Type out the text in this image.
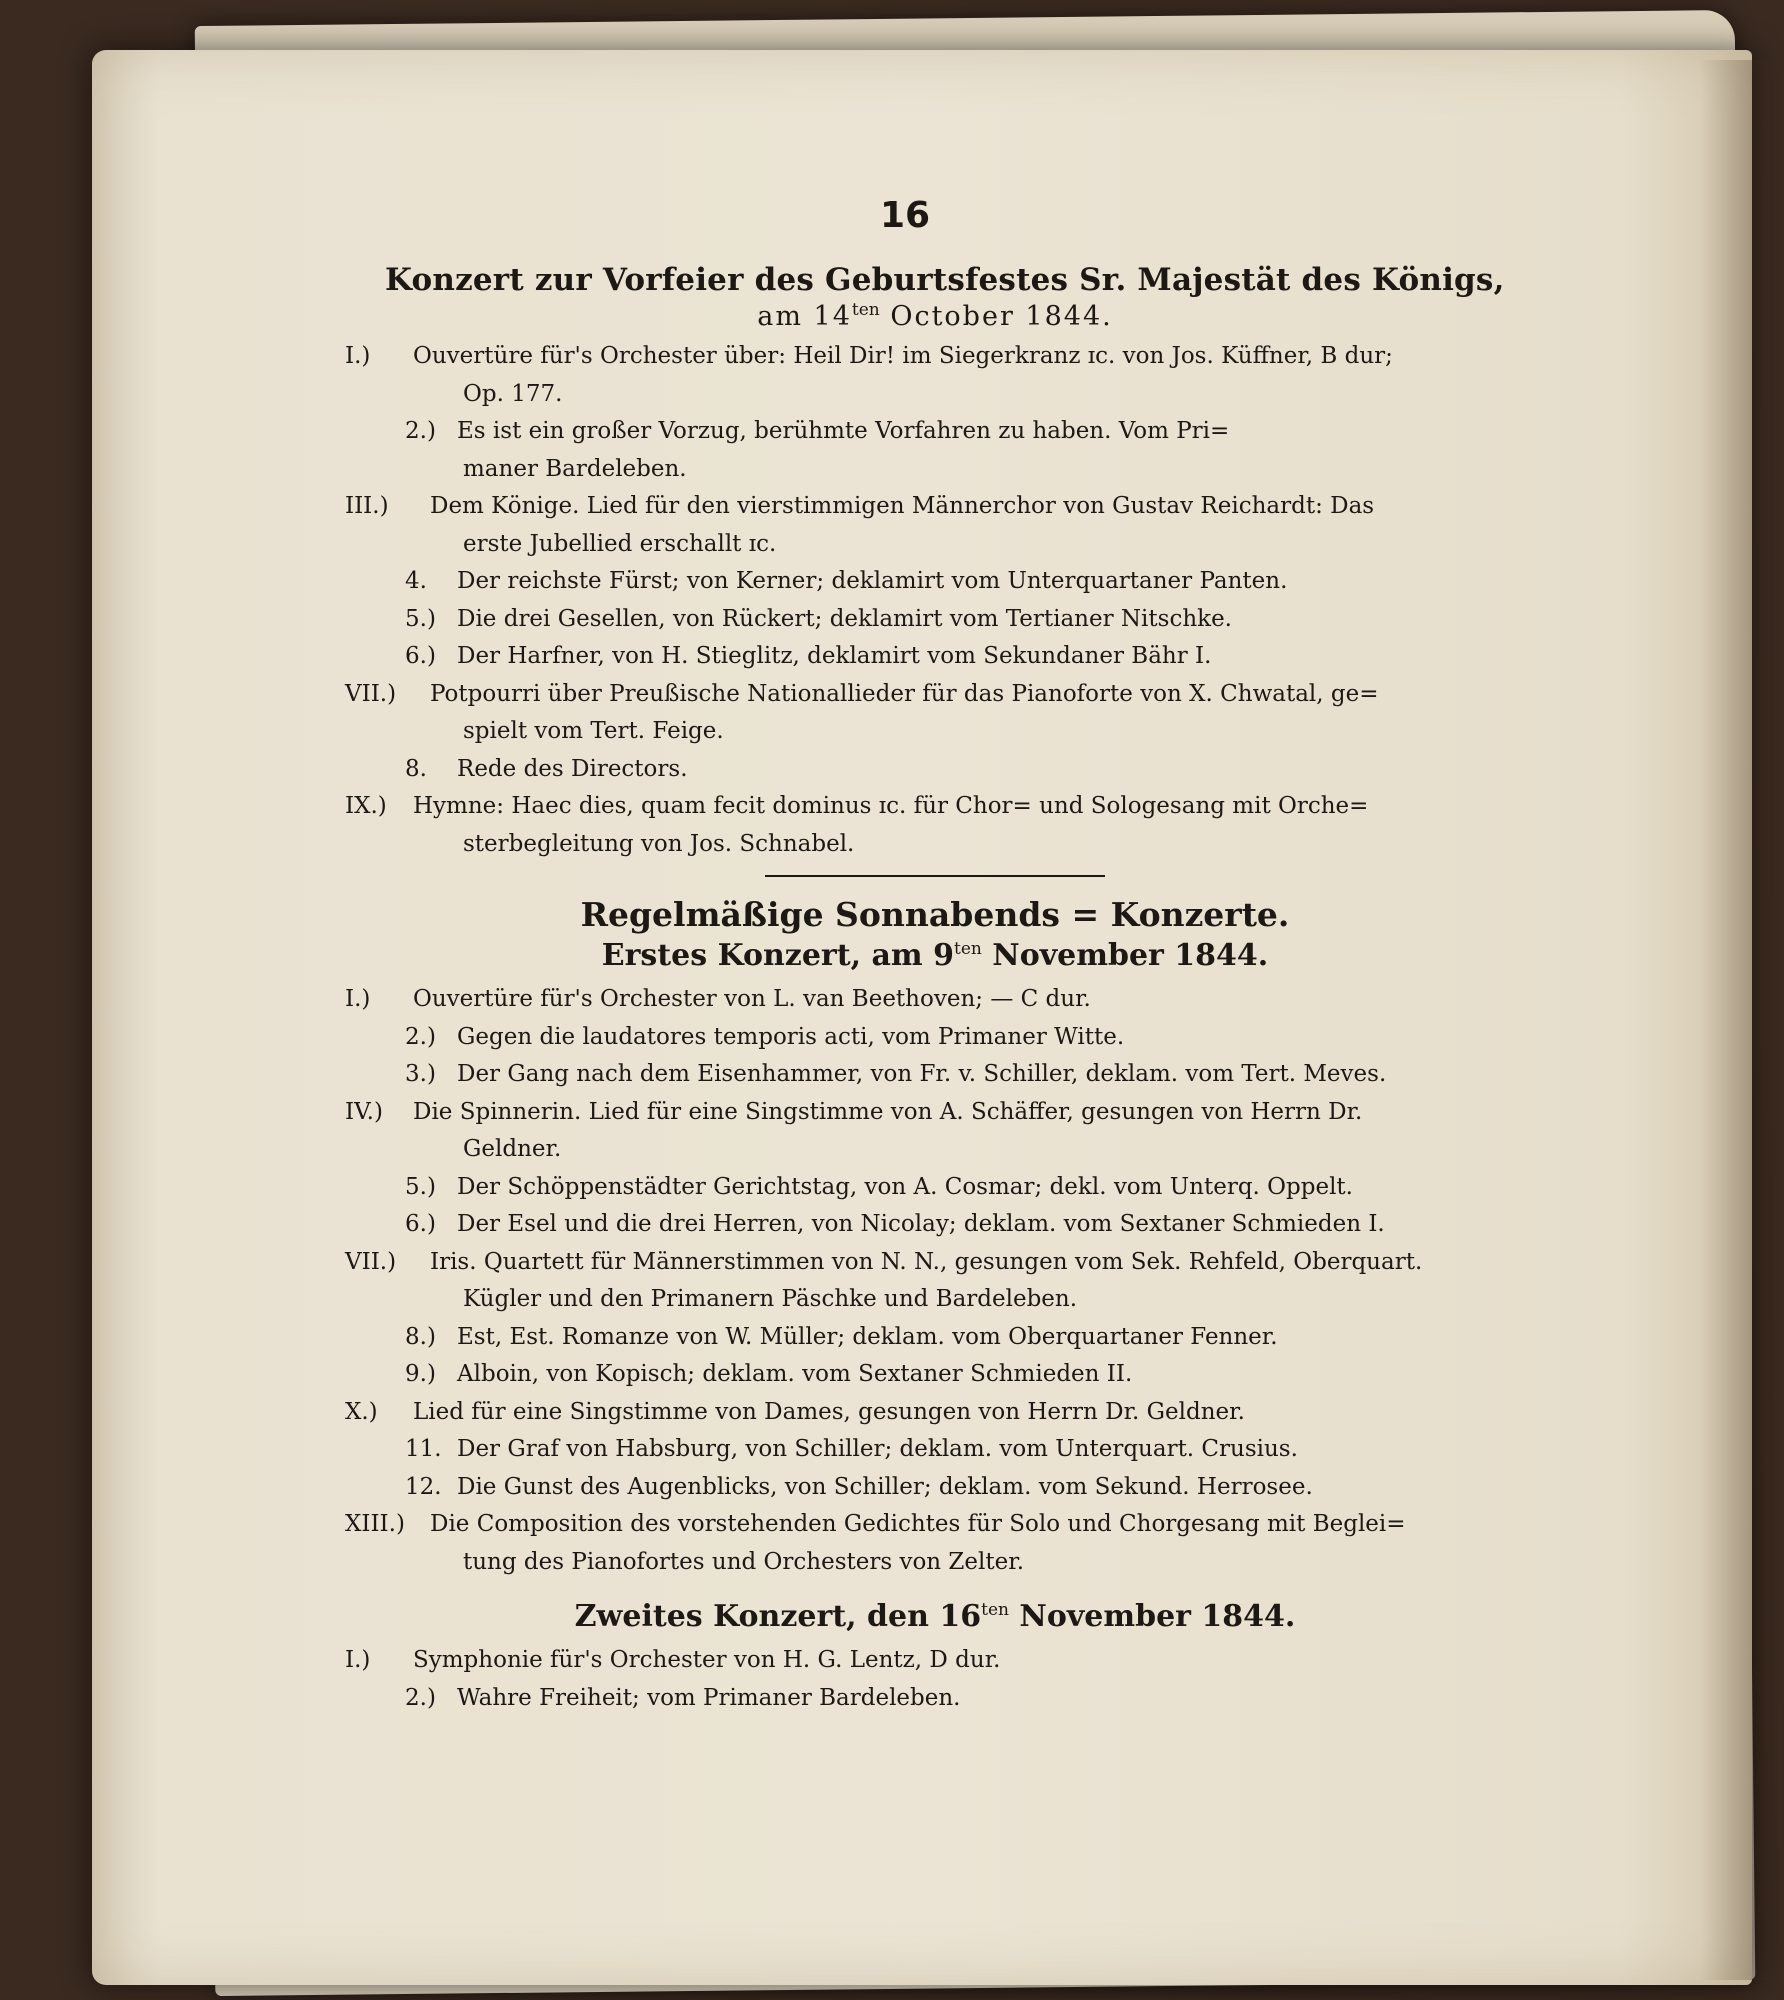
16
Konzert zur Vorfeier des Geburtsfestes Sr. Majestät des Königs,
am $14^{ten}$ October 1844.
I.) Ouvertüre für's Orchester über: Heil Dir! im Siegerkranz ɪc. von Jos. Küffner, B dur;
Op. 177.
2.) Es ist ein großer Vorzug, berühmte Vorfahren zu haben. Vom Pri=
maner Bardeleben.
III.) Dem Könige. Lied für den vierstimmigen Männerchor von Gustav Reichardt: Das
erste Jubellied erschallt ɪc.
4. Der reichste Fürst; von Kerner; deklamirt vom Unterquartaner Panten.
5.) Die drei Gesellen, von Rückert; deklamirt vom Tertianer Nitschke.
6.) Der Harfner, von H. Stieglitz, deklamirt vom Sekundaner Bähr I.
VII.) Potpourri über Preußische Nationallieder für das Pianoforte von X. Chwatal, ge=
spielt vom Tert. Feige.
8. Rede des Directors.
IX.) Hymne: Haec dies, quam fecit dominus ɪc. für Chor= und Sologesang mit Orche=
sterbegleitung von Jos. Schnabel.
Regelmäßige Sonnabends = Konzerte.
Erstes Konzert, am $9^{ten}$ November 1844.
I.) Ouvertüre für's Orchester von L. van Beethoven; — C dur.
2.) Gegen die laudatores temporis acti, vom Primaner Witte.
3.) Der Gang nach dem Eisenhammer, von Fr. v. Schiller, deklam. vom Tert. Meves.
IV.) Die Spinnerin. Lied für eine Singstimme von A. Schäffer, gesungen von Herrn Dr.
Geldner.
5.) Der Schöppenstädter Gerichtstag, von A. Cosmar; dekl. vom Unterq. Oppelt.
6.) Der Esel und die drei Herren, von Nicolay; deklam. vom Sextaner Schmieden I.
VII.) Iris. Quartett für Männerstimmen von N. N., gesungen vom Sek. Rehfeld, Oberquart.
Kügler und den Primanern Päschke und Bardeleben.
8.) Est, Est. Romanze von W. Müller; deklam. vom Oberquartaner Fenner.
9.) Alboin, von Kopisch; deklam. vom Sextaner Schmieden II.
X.) Lied für eine Singstimme von Dames, gesungen von Herrn Dr. Geldner.
11. Der Graf von Habsburg, von Schiller; deklam. vom Unterquart. Crusius.
12. Die Gunst des Augenblicks, von Schiller; deklam. vom Sekund. Herrosee.
XIII.) Die Composition des vorstehenden Gedichtes für Solo und Chorgesang mit Beglei=
tung des Pianofortes und Orchesters von Zelter.
Zweites Konzert, den $16^{ten}$ November 1844.
I.) Symphonie für's Orchester von H. G. Lentz, D dur.
2.) Wahre Freiheit; vom Primaner Bardeleben.
